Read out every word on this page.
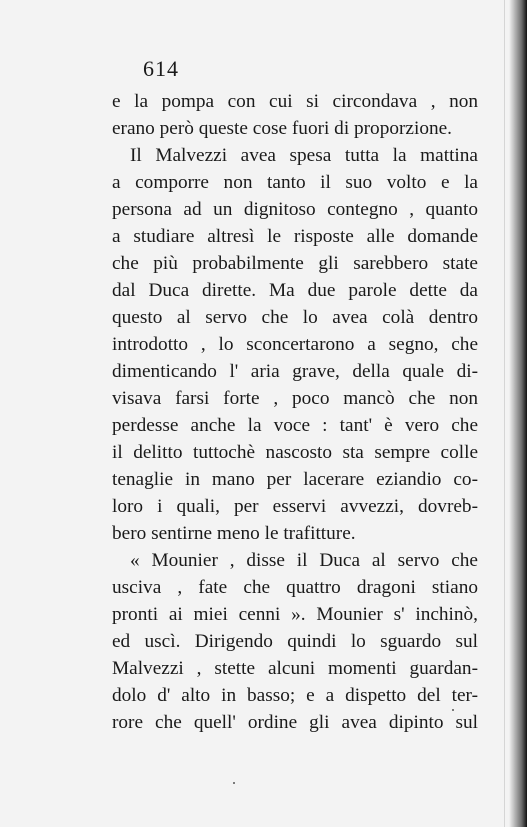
614
e la pompa con cui si circondava , non
erano però queste cose fuori di proporzione.
Il Malvezzi avea spesa tutta la mattina
a comporre non tanto il suo volto e la
persona ad un dignitoso contegno , quanto
a studiare altresì le risposte alle domande
che più probabilmente gli sarebbero state
dal Duca dirette. Ma due parole dette da
questo al servo che lo avea colà dentro
introdotto , lo sconcertarono a segno, che
dimenticando l' aria grave, della quale di-
visava farsi forte , poco mancò che non
perdesse anche la voce : tant' è vero che
il delitto tuttochè nascosto sta sempre colle
tenaglie in mano per lacerare eziandio co-
loro i quali, per esservi avvezzi, dovreb-
bero sentirne meno le trafitture.
« Mounier , disse il Duca al servo che
usciva , fate che quattro dragoni stiano
pronti ai miei cenni ». Mounier s' inchinò,
ed uscì. Dirigendo quindi lo sguardo sul
Malvezzi , stette alcuni momenti guardan-
dolo d' alto in basso; e a dispetto del ter-
rore che quell' ordine gli avea dipinto sul
